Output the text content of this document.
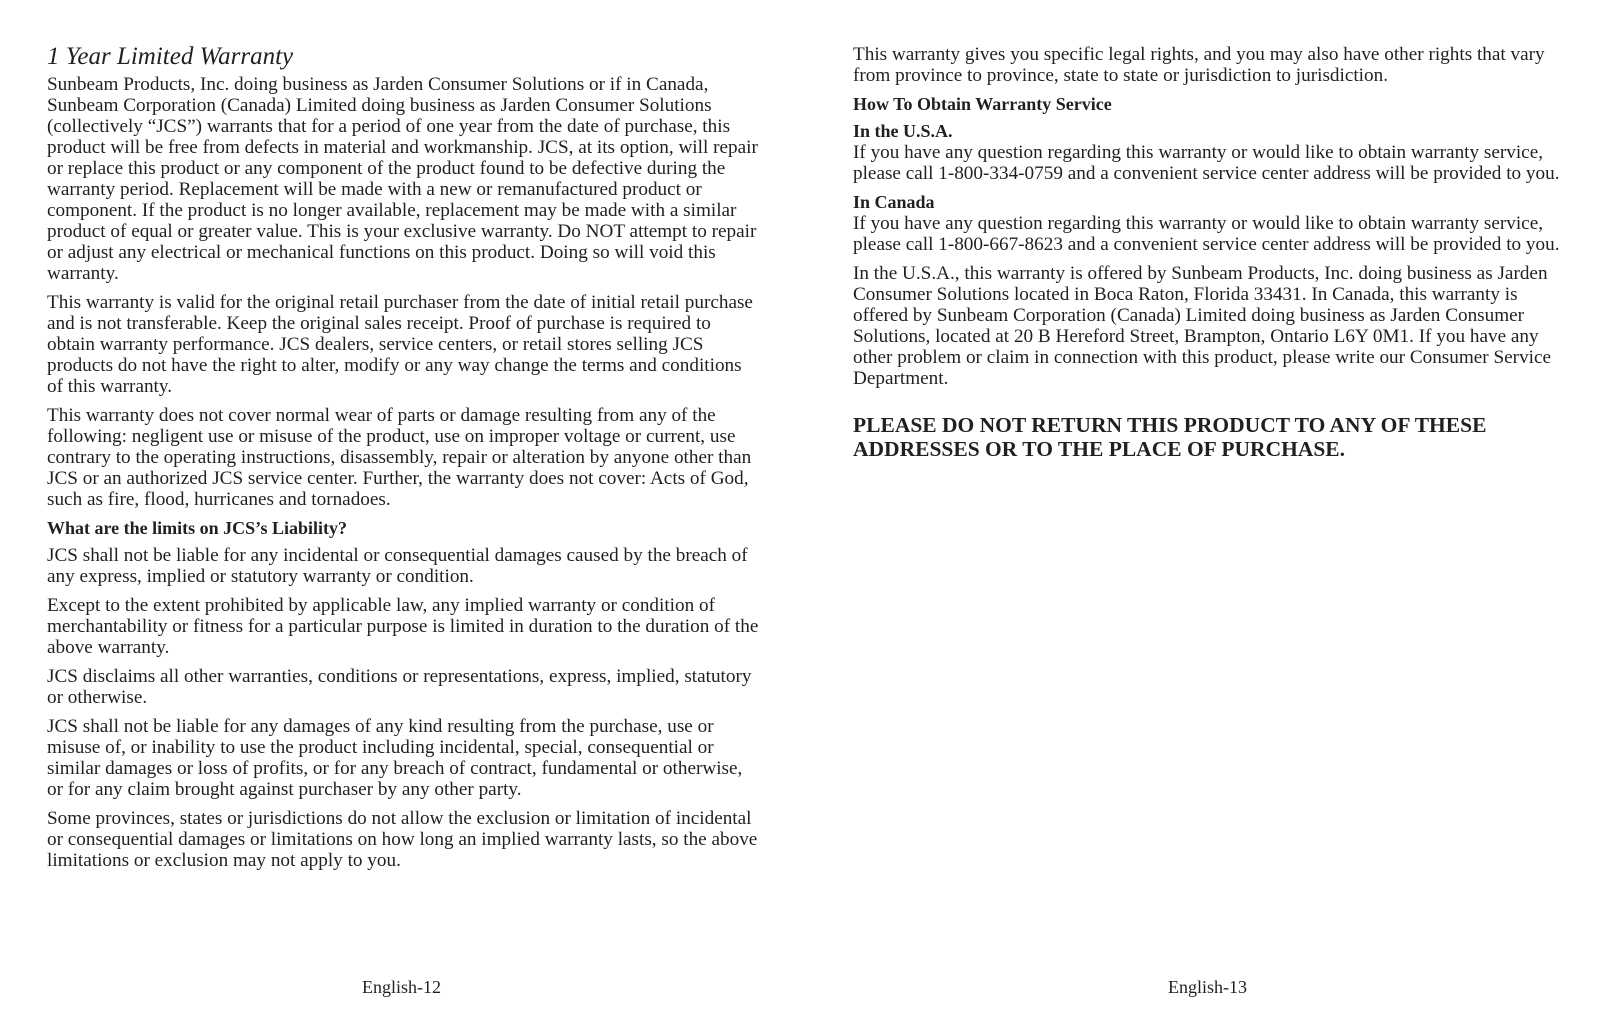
1 Year Limited Warranty

Sunbeam Products, Inc. doing business as Jarden Consumer Solutions or if in Canada, Sunbeam Corporation (Canada) Limited doing business as Jarden Consumer Solutions (collectively “JCS”) warrants that for a period of one year from the date of purchase, this product will be free from defects in material and workmanship. JCS, at its option, will repair or replace this product or any component of the product found to be defective during the warranty period. Replacement will be made with a new or remanufactured product or component. If the product is no longer available, replacement may be made with a similar product of equal or greater value. This is your exclusive warranty. Do NOT attempt to repair or adjust any electrical or mechanical functions on this product. Doing so will void this warranty.

This warranty is valid for the original retail purchaser from the date of initial retail purchase and is not transferable. Keep the original sales receipt. Proof of purchase is required to obtain warranty performance. JCS dealers, service centers, or retail stores selling JCS products do not have the right to alter, modify or any way change the terms and conditions of this warranty.

This warranty does not cover normal wear of parts or damage resulting from any of the following: negligent use or misuse of the product, use on improper voltage or current, use contrary to the operating instructions, disassembly, repair or alteration by anyone other than JCS or an authorized JCS service center. Further, the warranty does not cover: Acts of God, such as fire, flood, hurricanes and tornadoes.

What are the limits on JCS’s Liability?

JCS shall not be liable for any incidental or consequential damages caused by the breach of any express, implied or statutory warranty or condition.

Except to the extent prohibited by applicable law, any implied warranty or condition of merchantability or fitness for a particular purpose is limited in duration to the duration of the above warranty.

JCS disclaims all other warranties, conditions or representations, express, implied, statutory or otherwise.

JCS shall not be liable for any damages of any kind resulting from the purchase, use or misuse of, or inability to use the product including incidental, special, consequential or similar damages or loss of profits, or for any breach of contract, fundamental or otherwise, or for any claim brought against purchaser by any other party.

Some provinces, states or jurisdictions do not allow the exclusion or limitation of incidental or consequential damages or limitations on how long an implied warranty lasts, so the above limitations or exclusion may not apply to you.

English-12

This warranty gives you specific legal rights, and you may also have other rights that vary from province to province, state to state or jurisdiction to jurisdiction.

How To Obtain Warranty Service
In the U.S.A.

If you have any question regarding this warranty or would like to obtain warranty service, please call 1-800-334-0759 and a convenient service center address will be provided to you.

In Canada

If you have any question regarding this warranty or would like to obtain warranty service, please call 1-800-667-8623 and a convenient service center address will be provided to you.

In the U.S.A., this warranty is offered by Sunbeam Products, Inc. doing business as Jarden Consumer Solutions located in Boca Raton, Florida 33431. In Canada, this warranty is offered by Sunbeam Corporation (Canada) Limited doing business as Jarden Consumer Solutions, located at 20 B Hereford Street, Brampton, Ontario L6Y 0M1. If you have any other problem or claim in connection with this product, please write our Consumer Service Department.

PLEASE DO NOT RETURN THIS PRODUCT TO ANY OF THESE ADDRESSES OR TO THE PLACE OF PURCHASE.
English-13
